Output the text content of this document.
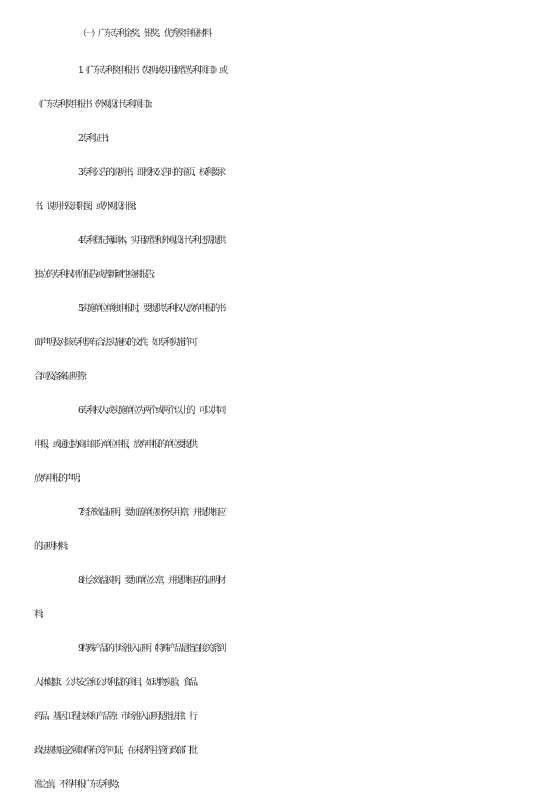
（一）广东专利金奖、银奖、优秀奖申报材料
1.《广东专利奖申报书（发明或实用新型专利项目）》或
《广东专利奖申报书（外观设计专利项目）》；
2.专利证书；
3.专利公告的说明书，即授权公告时的扉页、权利要求
书、说明书及其附图，或外观设计图；
4.专利登记簿副本，实用新型和外观设计专利还需提供
独立的专利权评价报告或者新颖性检索报告；
5.实施单位单独申报时，要提供专利权人放弃申报的书
面声明及对该专利享有合法实施权的文件，如专利实施许可
合同及备案证明等；
6.专利权人或实施单位为两个或两个以上的，可以共同
申报，或通过协商由部分单位申报，放弃申报的单位要提供
放弃申报的声明；
7.经济效益证明，要加盖单位财务专用章，并提供相应
的证明材料；
8.社会效益说明，要加单位公章，并提供相应的证明材
料；
9.特殊产品的市场准入证明（特殊产品是指直接关系到
人体健康、公共安全和公共利益的项目，如动物实验、食品、
药品、基因工程技术和产品等；市场准入证明是指法律、行
政法规规定必须取得有关许可证，在未获得主管行政部门批
准之前，不得申报广东专利奖）；
